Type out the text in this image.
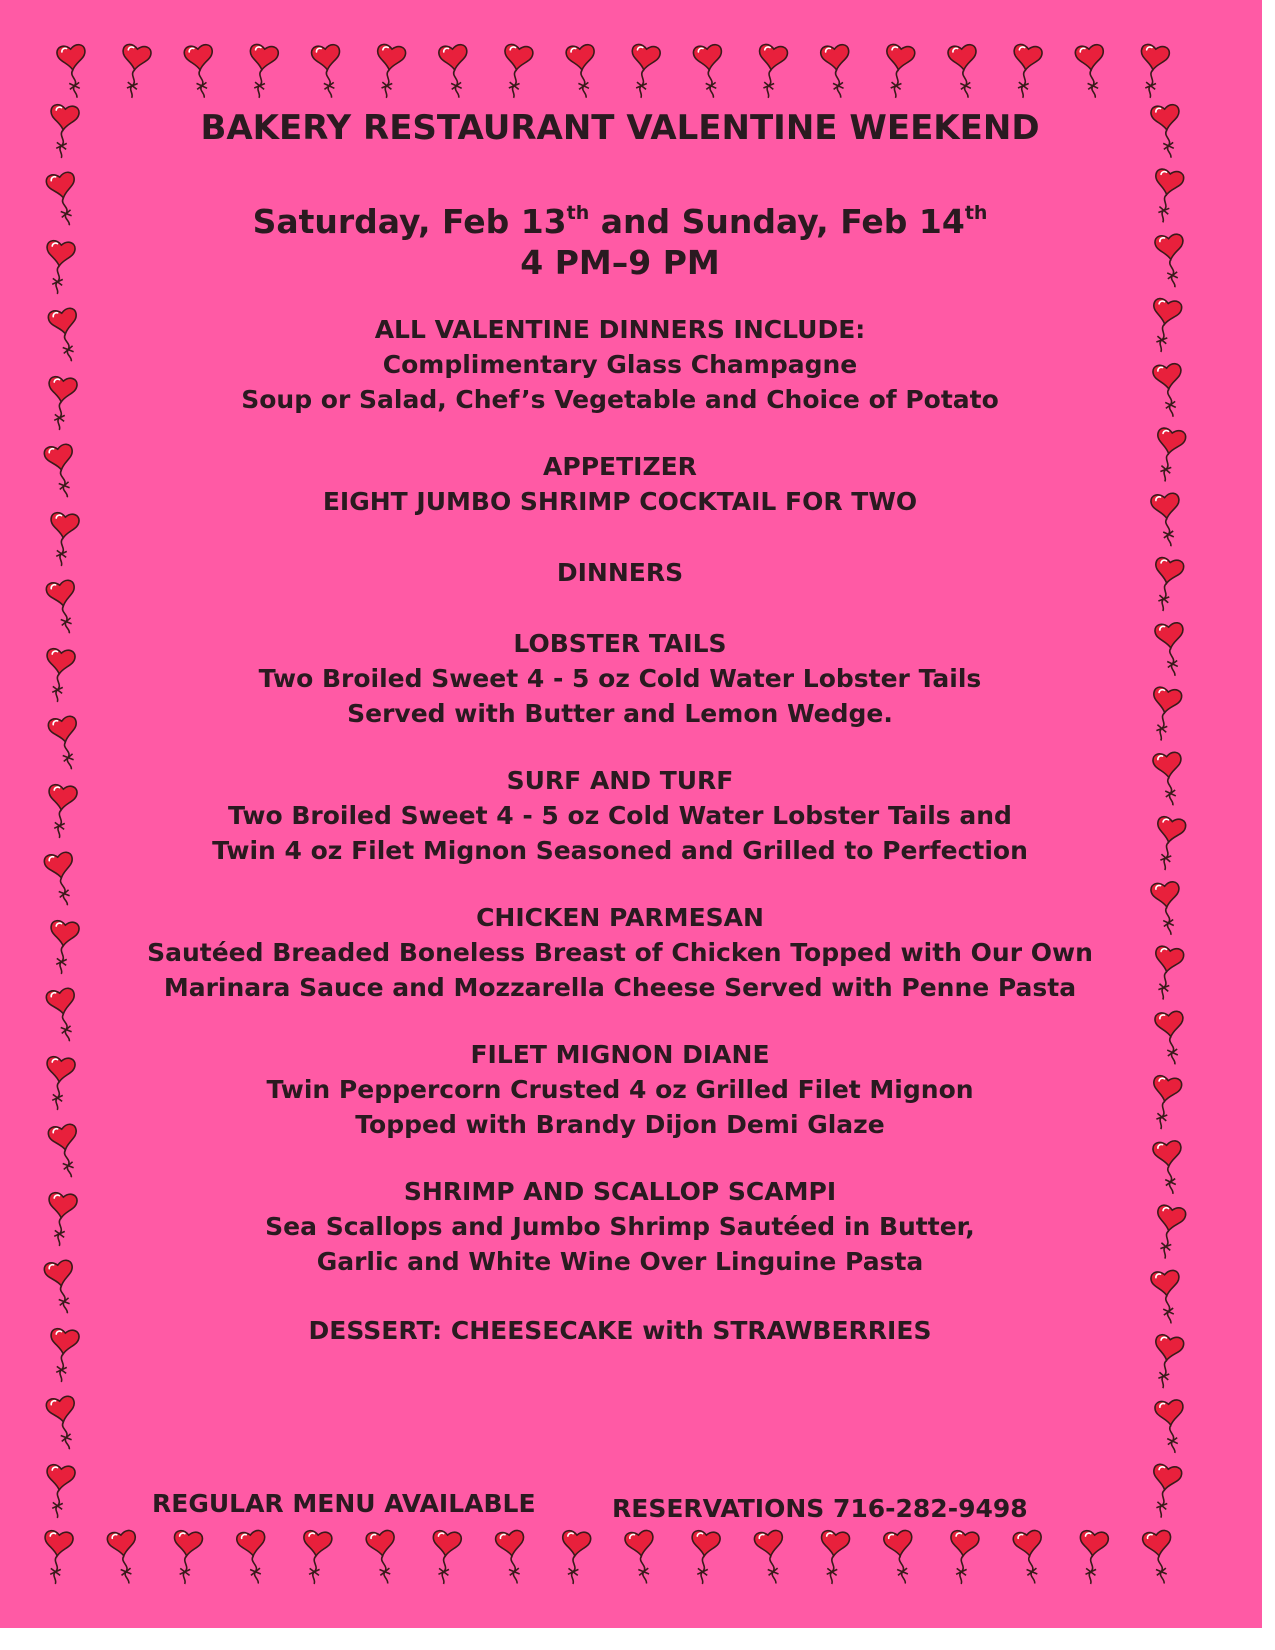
BAKERY RESTAURANT VALENTINE WEEKEND
Saturday, Feb 13th and Sunday, Feb 14th
4 PM–9 PM
ALL VALENTINE DINNERS INCLUDE:
Complimentary Glass Champagne
Soup or Salad, Chef’s Vegetable and Choice of Potato
APPETIZER
EIGHT JUMBO SHRIMP COCKTAIL FOR TWO
DINNERS
LOBSTER TAILS
Two Broiled Sweet 4 - 5 oz Cold Water Lobster Tails
Served with Butter and Lemon Wedge.
SURF AND TURF
Two Broiled Sweet 4 - 5 oz Cold Water Lobster Tails and
Twin 4 oz Filet Mignon Seasoned and Grilled to Perfection
CHICKEN PARMESAN
Sautéed Breaded Boneless Breast of Chicken Topped with Our Own
Marinara Sauce and Mozzarella Cheese Served with Penne Pasta
FILET MIGNON DIANE
Twin Peppercorn Crusted 4 oz Grilled Filet Mignon
Topped with Brandy Dijon Demi Glaze
SHRIMP AND SCALLOP SCAMPI
Sea Scallops and Jumbo Shrimp Sautéed in Butter,
Garlic and White Wine Over Linguine Pasta
DESSERT: CHEESECAKE with STRAWBERRIES
REGULAR MENU AVAILABLE	RESERVATIONS 716-282-9498
